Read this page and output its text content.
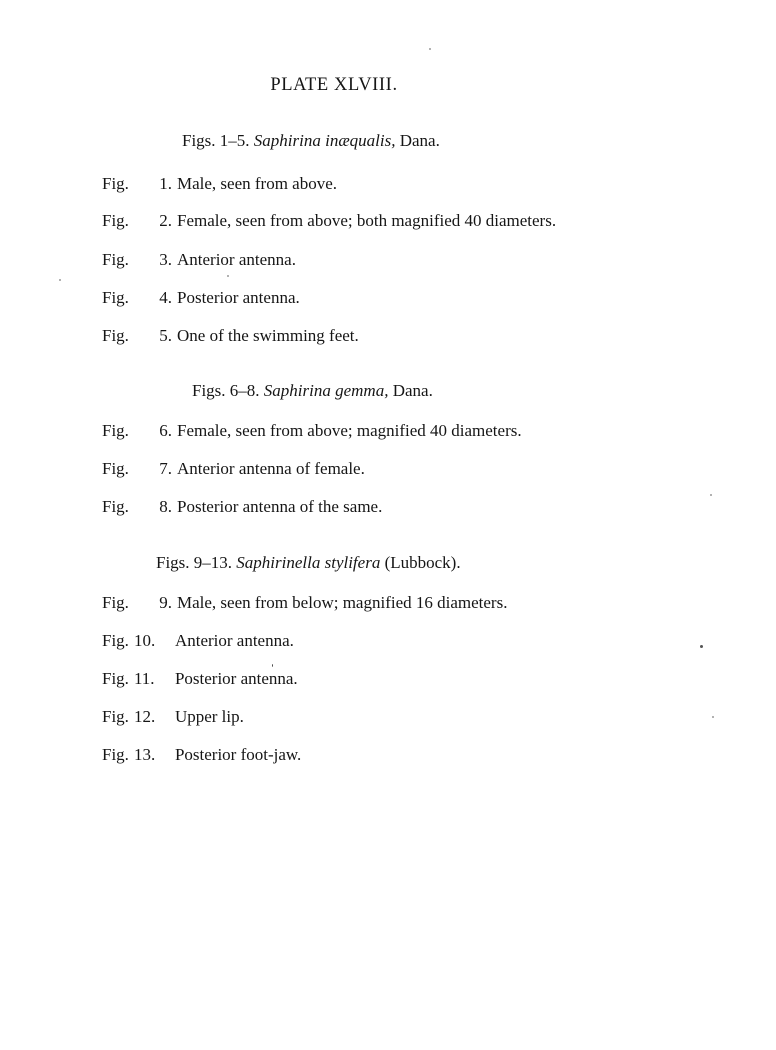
PLATE XLVIII.
Figs. 1–5. Saphirina inæqualis, Dana.
Fig. 1. Male, seen from above.
Fig. 2. Female, seen from above; both magnified 40 diameters.
Fig. 3. Anterior antenna.
Fig. 4. Posterior antenna.
Fig. 5. One of the swimming feet.
Figs. 6–8. Saphirina gemma, Dana.
Fig. 6. Female, seen from above; magnified 40 diameters.
Fig. 7. Anterior antenna of female.
Fig. 8. Posterior antenna of the same.
Figs. 9–13. Saphirinella stylifera (Lubbock).
Fig. 9. Male, seen from below; magnified 16 diameters.
Fig. 10. Anterior antenna.
Fig. 11. Posterior antenna.
Fig. 12. Upper lip.
Fig. 13. Posterior foot-jaw.
